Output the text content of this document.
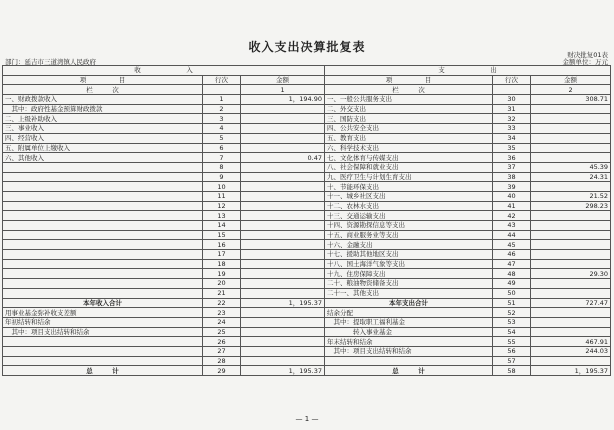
收入支出决算批复表
财决批复01表
部门：延吉市三道湾镇人民政府	金额单位：万元
收　　　　　　　入			支　　　　　　　出		
项　　　　　目	行次	金额	项　　　　　目	行次	金额
栏　　　次		1	栏　　　次		2
一、财政拨款收入	1	1，194.90	一、一般公共服务支出	30	308.71
　其中：政府性基金预算财政拨款	2		二、外交支出	31	
二、上级补助收入	3		三、国防支出	32	
三、事业收入	4		四、公共安全支出	33	
四、经营收入	5		五、教育支出	34	
五、附属单位上缴收入	6		六、科学技术支出	35	
六、其他收入	7	0.47	七、文化体育与传媒支出	36	
	8		八、社会保障和就业支出	37	45.39
	9		九、医疗卫生与计划生育支出	38	24.31
	10		十、节能环保支出	39	
	11		十一、城乡社区支出	40	21.52
	12		十二、农林水支出	41	298.23
	13		十三、交通运输支出	42	
	14		十四、资源勘探信息等支出	43	
	15		十五、商业服务业等支出	44	
	16		十六、金融支出	45	
	17		十七、援助其他地区支出	46	
	18		十八、国土海洋气象等支出	47	
	19		十九、住房保障支出	48	29.30
	20		二十、粮油物资储备支出	49	
	21		二十一、其他支出	50	
本年收入合计	22	1，195.37	本年支出合计	51	727.47
用事业基金弥补收支差额	23		结余分配	52	
年初结转和结余	24		　其中：提取职工福利基金	53	
　其中：项目支出结转和结余	25		　　　　转入事业基金	54	
	26		年末结转和结余	55	467.91
	27		　其中：项目支出结转和结余	56	244.03
	28			57	
总　　　计	29	1，195.37	总　　　计	58	1，195.37
— 1 —
